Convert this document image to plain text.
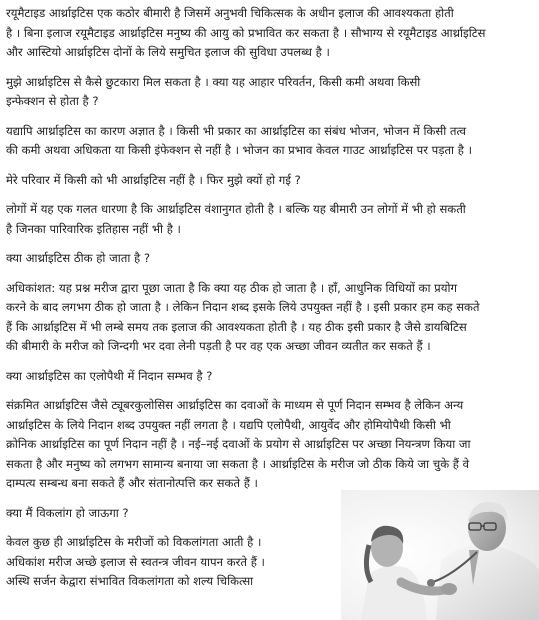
रयूमैटाइड आर्थ्राइटिस एक कठोर बीमारी है जिसमें अनुभवी चिकित्सक के अधीन इलाज की आवश्यकता होती
है । बिना इलाज रयूमैटाइड आर्थ्राइटिस मनुष्य की आयु को प्रभावित कर सकता है । सौभाग्य से रयूमैटाइड आर्थ्राइटिस
और आस्टियो आर्थ्राइटिस दोनों के लिये समुचित इलाज की सुविधा उपलब्ध है ।

मुझे आर्थ्राइटिस से कैसे छुटकारा मिल सकता है । क्या यह आहार परिवर्तन, किसी कमी अथवा किसी
इन्फेक्शन से होता है ?

यद्यापि आर्थ्राइटिस का कारण अज्ञात है । किसी भी प्रकार का आर्थ्राइटिस का संबंध भोजन, भोजन में किसी तत्व
की कमी अथवा अधिकता या किसी इंफेक्शन से नहीं है । भोजन का प्रभाव केवल गाउट आर्थ्राइटिस पर पड़ता है ।

मेरे परिवार में किसी को भी आर्थ्राइटिस नहीं है । फिर मुझे क्यों हो गई ?

लोगों में यह एक गलत धारणा है कि आर्थ्राइटिस वंशानुगत होती है । बल्कि यह बीमारी उन लोगों में भी हो सकती
है जिनका पारिवारिक इतिहास नहीं भी है ।

क्या आर्थ्राइटिस ठीक हो जाता है ?

अधिकांशत: यह प्रश्न मरीज द्वारा पूछा जाता है कि क्या यह ठीक हो जाता है । हाँ, आधुनिक विधियों का प्रयोग
करने के बाद लगभग ठीक हो जाता है । लेकिन निदान शब्द इसके लिये उपयुक्त नहीं है । इसी प्रकार हम कह सकते
हैं कि आर्थ्राइटिस में भी लम्बे समय तक इलाज की आवश्यकता होती है । यह ठीक इसी प्रकार है जैसे डायबिटिस
की बीमारी के मरीज को जिन्दगी भर दवा लेनी पड़ती है पर वह एक अच्छा जीवन व्यतीत कर सकते हैं ।

क्या आर्थ्राइटिस का एलोपैथी में निदान सम्भव है ?

संक्रमित आर्थ्राइटिस जैसे ट्यूबरकुलोसिस आर्थ्राइटिस का दवाओं के माध्यम से पूर्ण निदान सम्भव है लेकिन अन्य
आर्थ्राइटिस के लिये निदान शब्द उपयुक्त नहीं लगता है । यद्यपि एलोपैथी, आयुर्वेद और होमियोपैथी किसी भी
क्रोनिक आर्थ्राइटिस का पूर्ण निदान नहीं है । नई–नई दवाओं के प्रयोग से आर्थ्राइटिस पर अच्छा नियन्त्रण किया जा
सकता है और मनुष्य को लगभग सामान्य बनाया जा सकता है । आर्थ्राइटिस के मरीज जो ठीक किये जा चुके हैं वे
दाम्पत्य सम्बन्ध बना सकते हैं और संतानोत्पत्ति कर सकते हैं ।

क्या मैं विकलांग हो जाऊगा ?

केवल कुछ ही आर्थ्राइटिस के मरीजों को विकलांगता आती है ।
अधिकांश मरीज अच्छे इलाज से स्वतन्त्र जीवन यापन करते हैं ।
अस्थि सर्जन केद्वारा संभावित विकलांगता को शल्य चिकित्सा
